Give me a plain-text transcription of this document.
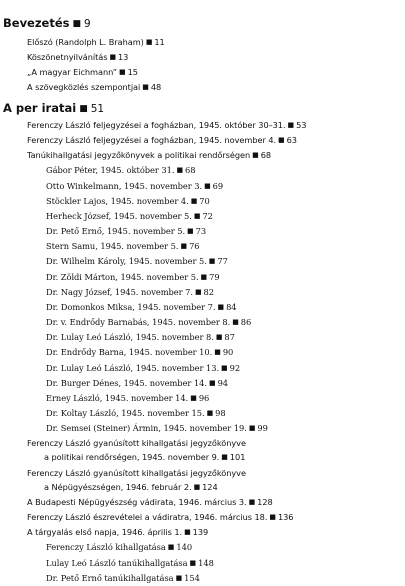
Bevezetés ■ 9
Előszó (Randolph L. Braham) ■ 11
Köszönetnyilvánítás ■ 13
„A magyar Eichmann” ■ 15
A szövegközlés szempontjai ■ 48
A per iratai ■ 51
Ferenczy László feljegyzései a fogházban, 1945. október 30–31. ■ 53
Ferenczy László feljegyzései a fogházban, 1945. november 4. ■ 63
Tanúkihallgatási jegyzőkönyvek a politikai rendőrségen ■ 68
Gábor Péter, 1945. október 31. ■ 68
Otto Winkelmann, 1945. november 3. ■ 69
Stöckler Lajos, 1945. november 4. ■ 70
Herheck József, 1945. november 5. ■ 72
Dr. Pető Ernő, 1945. november 5. ■ 73
Stern Samu, 1945. november 5. ■ 76
Dr. Wilhelm Károly, 1945. november 5. ■ 77
Dr. Zöldi Márton, 1945. november 5. ■ 79
Dr. Nagy József, 1945. november 7. ■ 82
Dr. Domonkos Miksa, 1945. november 7. ■ 84
Dr. v. Endrődy Barnabás, 1945. november 8. ■ 86
Dr. Lulay Leó László, 1945. november 8. ■ 87
Dr. Endrődy Barna, 1945. november 10. ■ 90
Dr. Lulay Leó László, 1945. november 13. ■ 92
Dr. Burger Dénes, 1945. november 14. ■ 94
Erney László, 1945. november 14. ■ 96
Dr. Koltay László, 1945. november 15. ■ 98
Dr. Semsei (Steiner) Ármin, 1945. november 19. ■ 99
Ferenczy László gyanúsított kihallgatási jegyzőkönyve
a politikai rendőrségen, 1945. november 9. ■ 101
Ferenczy László gyanúsított kihallgatási jegyzőkönyve
a Népügyészségen, 1946. február 2. ■ 124
A Budapesti Népügyészség vádirata, 1946. március 3. ■ 128
Ferenczy László észrevételei a vádiratra, 1946. március 18. ■ 136
A tárgyalás első napja, 1946. április 1. ■ 139
Ferenczy László kihallgatása ■ 140
Lulay Leó László tanúkihallgatása ■ 148
Dr. Pető Ernő tanúkihallgatása ■ 154
